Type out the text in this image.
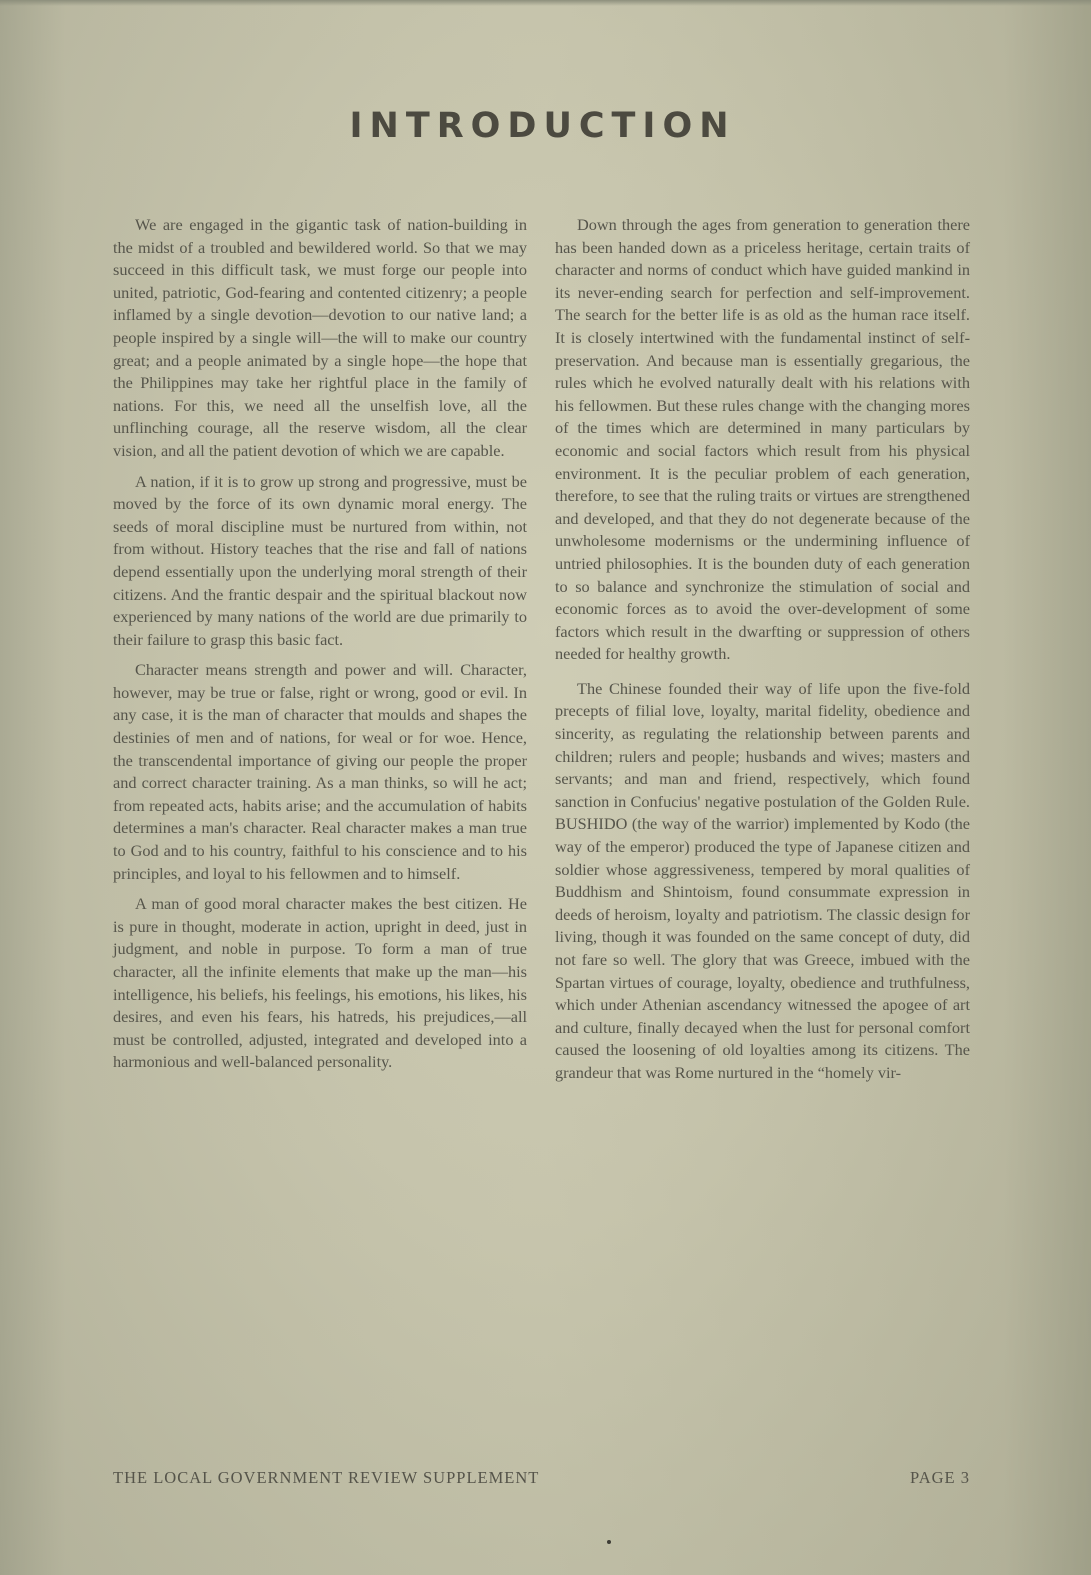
INTRODUCTION

We are engaged in the gigantic task of nation-building in the midst of a troubled and bewildered world. So that we may succeed in this difficult task, we must forge our people into united, patriotic, God-fearing and contented citizenry; a people inflamed by a single devotion—devotion to our native land; a people inspired by a single will—the will to make our country great; and a people animated by a single hope—the hope that the Philippines may take her rightful place in the family of nations. For this, we need all the unselfish love, all the unflinching courage, all the reserve wisdom, all the clear vision, and all the patient devotion of which we are capable.

A nation, if it is to grow up strong and progressive, must be moved by the force of its own dynamic moral energy. The seeds of moral discipline must be nurtured from within, not from without. History teaches that the rise and fall of nations depend essentially upon the underlying moral strength of their citizens. And the frantic despair and the spiritual blackout now experienced by many nations of the world are due primarily to their failure to grasp this basic fact.

Character means strength and power and will. Character, however, may be true or false, right or wrong, good or evil. In any case, it is the man of character that moulds and shapes the destinies of men and of nations, for weal or for woe. Hence, the transcendental importance of giving our people the proper and correct character training. As a man thinks, so will he act; from repeated acts, habits arise; and the accumulation of habits determines a man's character. Real character makes a man true to God and to his country, faithful to his conscience and to his principles, and loyal to his fellowmen and to himself.

A man of good moral character makes the best citizen. He is pure in thought, moderate in action, upright in deed, just in judgment, and noble in purpose. To form a man of true character, all the infinite elements that make up the man—his intelligence, his beliefs, his feelings, his emotions, his likes, his desires, and even his fears, his hatreds, his prejudices,—all must be controlled, adjusted, integrated and developed into a harmonious and well-balanced personality.

Down through the ages from generation to generation there has been handed down as a priceless heritage, certain traits of character and norms of conduct which have guided mankind in its never-ending search for perfection and self-improvement. The search for the better life is as old as the human race itself. It is closely intertwined with the fundamental instinct of self-preservation. And because man is essentially gregarious, the rules which he evolved naturally dealt with his relations with his fellowmen. But these rules change with the changing mores of the times which are determined in many particulars by economic and social factors which result from his physical environment. It is the peculiar problem of each generation, therefore, to see that the ruling traits or virtues are strengthened and developed, and that they do not degenerate because of the unwholesome modernisms or the undermining influence of untried philosophies. It is the bounden duty of each generation to so balance and synchronize the stimulation of social and economic forces as to avoid the over-development of some factors which result in the dwarfting or suppression of others needed for healthy growth.

The Chinese founded their way of life upon the five-fold precepts of filial love, loyalty, marital fidelity, obedience and sincerity, as regulating the relationship between parents and children; rulers and people; husbands and wives; masters and servants; and man and friend, respectively, which found sanction in Confucius' negative postulation of the Golden Rule. BUSHIDO (the way of the warrior) implemented by Kodo (the way of the emperor) produced the type of Japanese citizen and soldier whose aggressiveness, tempered by moral qualities of Buddhism and Shintoism, found consummate expression in deeds of heroism, loyalty and patriotism. The classic design for living, though it was founded on the same concept of duty, did not fare so well. The glory that was Greece, imbued with the Spartan virtues of courage, loyalty, obedience and truthfulness, which under Athenian ascendancy witnessed the apogee of art and culture, finally decayed when the lust for personal comfort caused the loosening of old loyalties among its citizens. The grandeur that was Rome nurtured in the “homely vir-

THE LOCAL GOVERNMENT REVIEW SUPPLEMENT	PAGE 3
